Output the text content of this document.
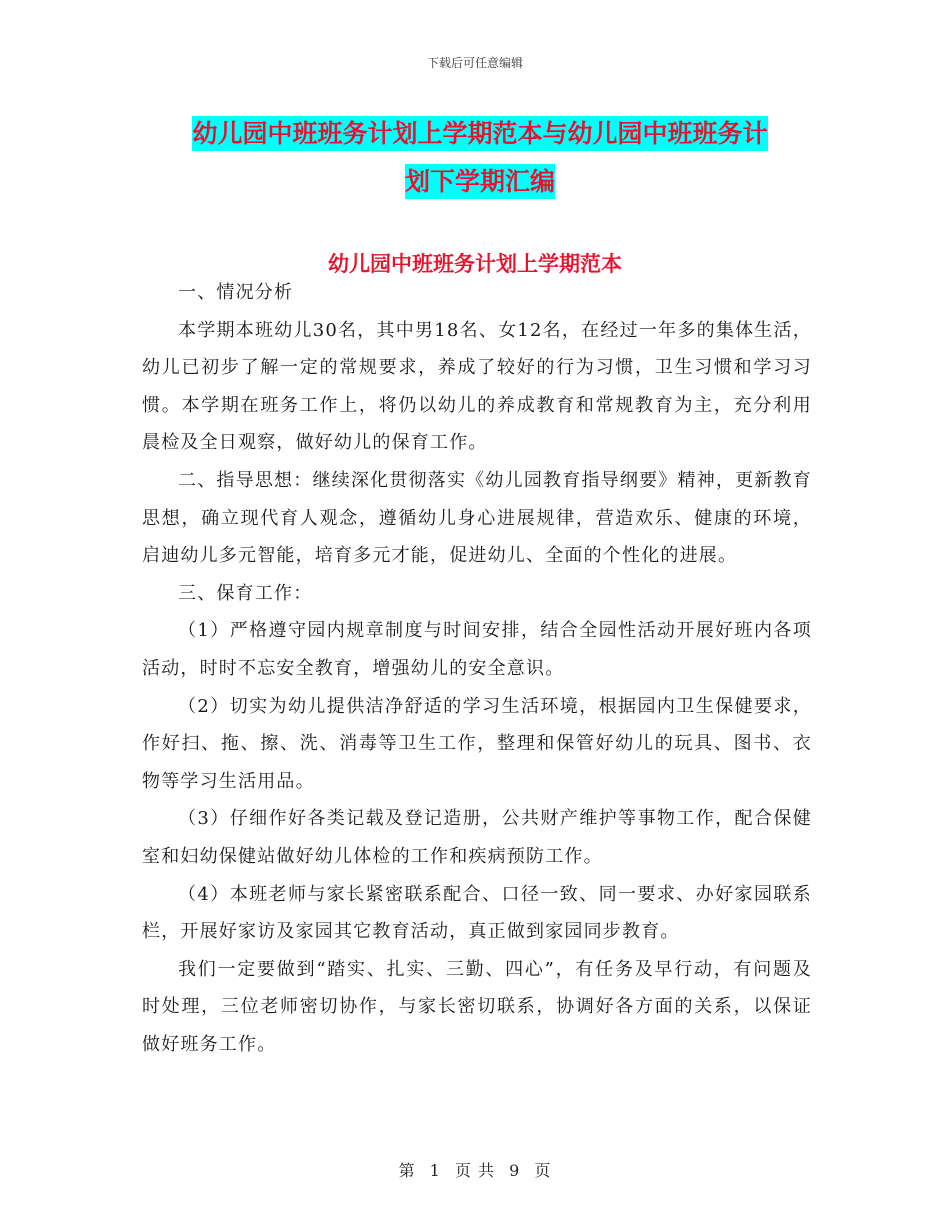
下载后可任意编辑
幼儿园中班班务计划上学期范本与幼儿园中班班务计
划下学期汇编
幼儿园中班班务计划上学期范本

一、情况分析

本学期本班幼儿30名，其中男18名、女12名，在经过一年多的集体生活，幼儿已初步了解一定的常规要求，养成了较好的行为习惯，卫生习惯和学习习惯。本学期在班务工作上，将仍以幼儿的养成教育和常规教育为主，充分利用晨检及全日观察，做好幼儿的保育工作。

二、指导思想：继续深化贯彻落实《幼儿园教育指导纲要》精神，更新教育思想，确立现代育人观念，遵循幼儿身心进展规律，营造欢乐、健康的环境，启迪幼儿多元智能，培育多元才能，促进幼儿、全面的个性化的进展。

三、保育工作：

（1）严格遵守园内规章制度与时间安排，结合全园性活动开展好班内各项活动，时时不忘安全教育，增强幼儿的安全意识。

（2）切实为幼儿提供洁净舒适的学习生活环境，根据园内卫生保健要求，作好扫、拖、擦、洗、消毒等卫生工作，整理和保管好幼儿的玩具、图书、衣物等学习生活用品。

（3）仔细作好各类记载及登记造册，公共财产维护等事物工作，配合保健室和妇幼保健站做好幼儿体检的工作和疾病预防工作。

（4）本班老师与家长紧密联系配合、口径一致、同一要求、办好家园联系栏，开展好家访及家园其它教育活动，真正做到家园同步教育。

我们一定要做到“踏实、扎实、三勤、四心”，有任务及早行动，有问题及时处理，三位老师密切协作，与家长密切联系，协调好各方面的关系，以保证做好班务工作。

第 1 页 共 9 页
